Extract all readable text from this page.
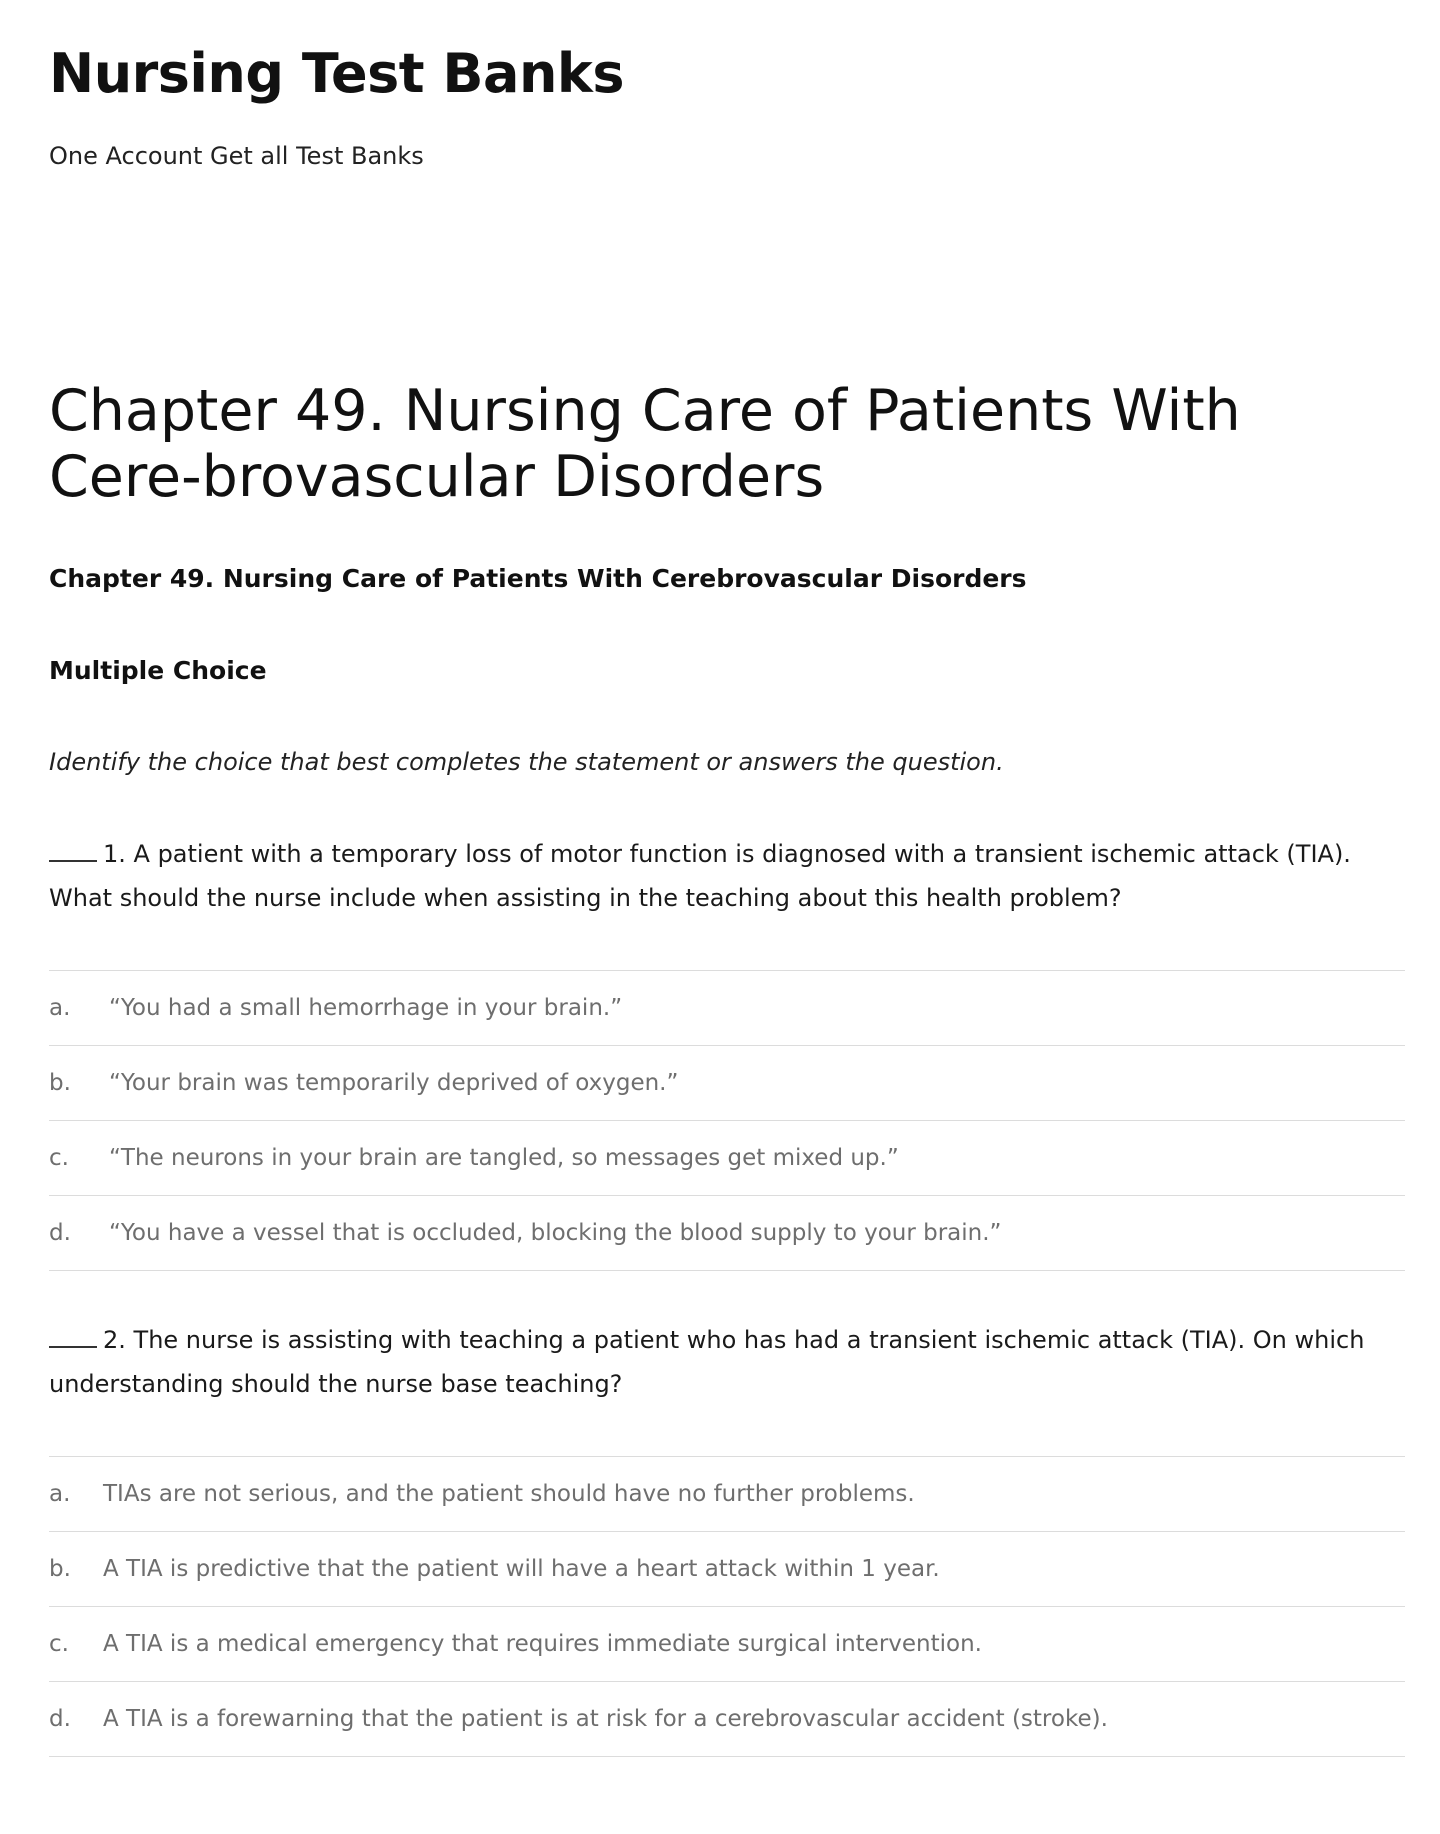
Nursing Test Banks

One Account Get all Test Banks

Chapter 49. Nursing Care of Patients With Cere-brovascular Disorders

Chapter 49. Nursing Care of Patients With Cerebrovascular Disorders

Multiple Choice

Identify the choice that best completes the statement or answers the question.

1. A patient with a temporary loss of motor function is diagnosed with a transient ischemic attack (TIA). What should the nurse include when assisting in the teaching about this health problem?

a.	“You had a small hemorrhage in your brain.”
b.	“Your brain was temporarily deprived of oxygen.”
c.	“The neurons in your brain are tangled, so messages get mixed up.”
d.	“You have a vessel that is occluded, blocking the blood supply to your brain.”

2. The nurse is assisting with teaching a patient who has had a transient ischemic attack (TIA). On which understanding should the nurse base teaching?

a.	TIAs are not serious, and the patient should have no further problems.
b.	A TIA is predictive that the patient will have a heart attack within 1 year.
c.	A TIA is a medical emergency that requires immediate surgical intervention.
d.	A TIA is a forewarning that the patient is at risk for a cerebrovascular accident (stroke).
